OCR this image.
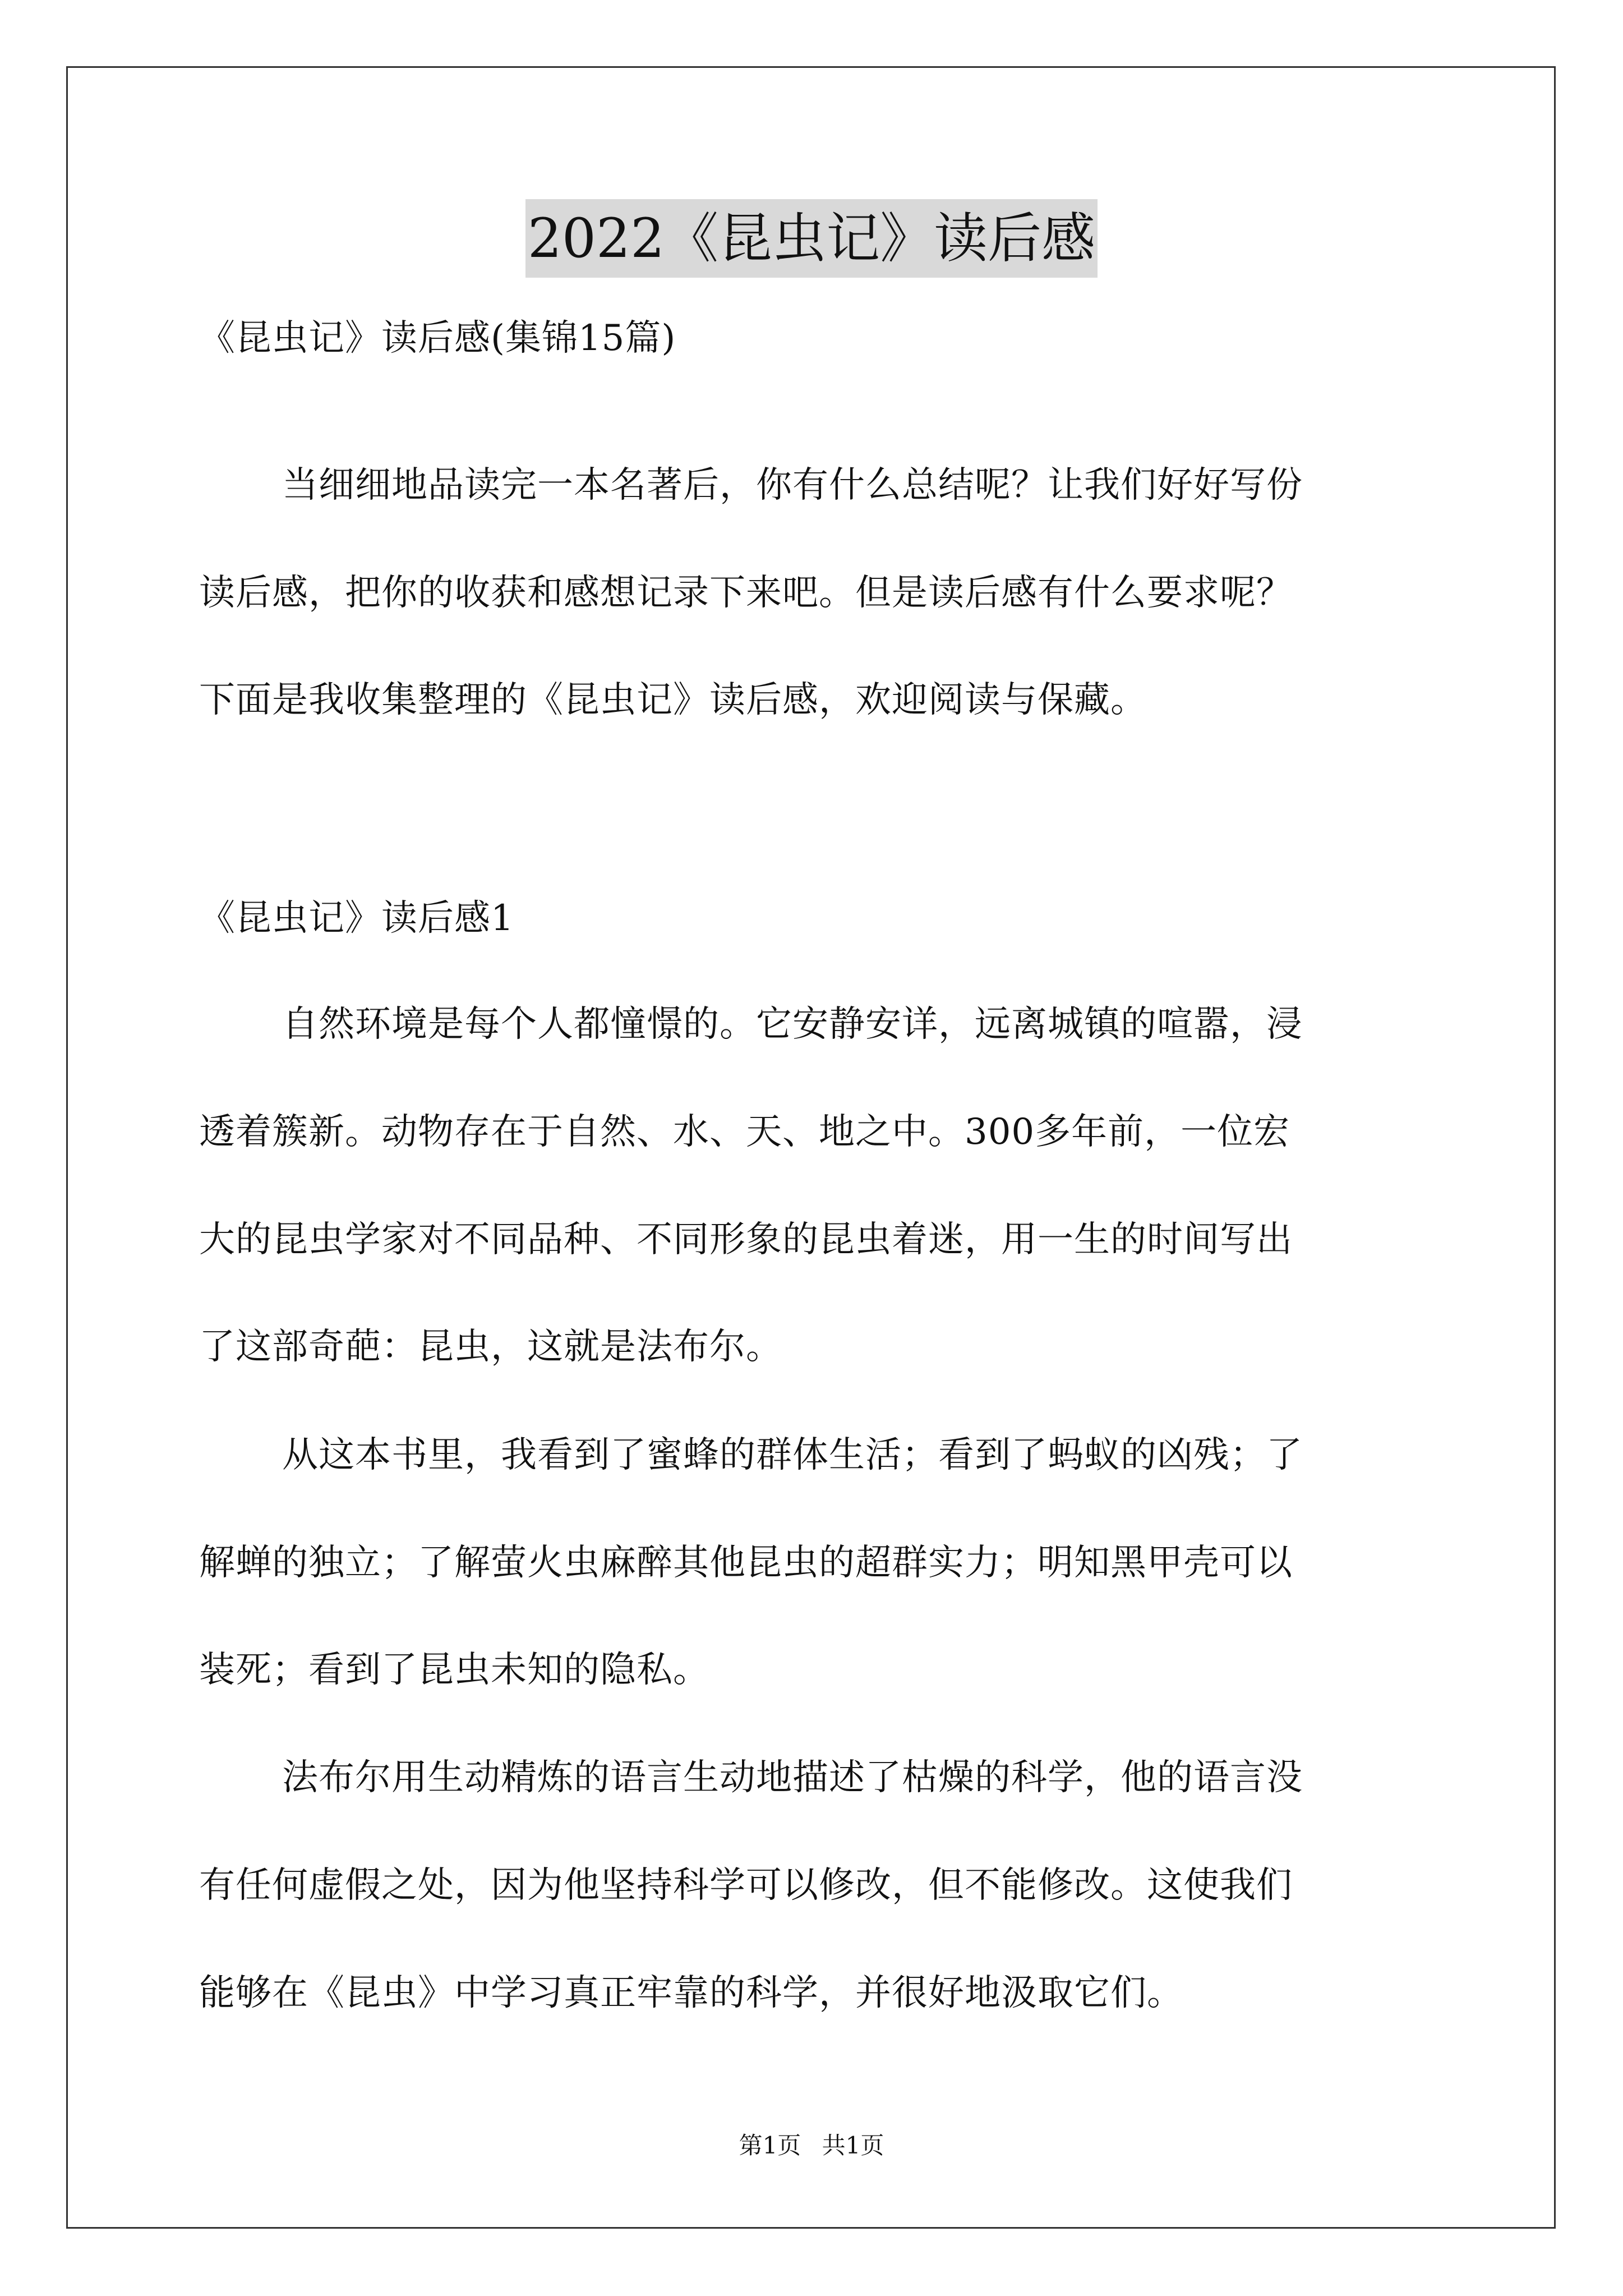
2022《昆虫记》读后感
《昆虫记》读后感(集锦15篇)
当细细地品读完一本名著后，你有什么总结呢？让我们好好写份
读后感，把你的收获和感想记录下来吧。但是读后感有什么要求呢？
下面是我收集整理的《昆虫记》读后感，欢迎阅读与保藏。
《昆虫记》读后感1
自然环境是每个人都憧憬的。它安静安详，远离城镇的喧嚣，浸
透着簇新。动物存在于自然、水、天、地之中。300多年前，一位宏
大的昆虫学家对不同品种、不同形象的昆虫着迷，用一生的时间写出
了这部奇葩：昆虫，这就是法布尔。
从这本书里，我看到了蜜蜂的群体生活；看到了蚂蚁的凶残；了
解蝉的独立；了解萤火虫麻醉其他昆虫的超群实力；明知黑甲壳可以
装死；看到了昆虫未知的隐私。
法布尔用生动精炼的语言生动地描述了枯燥的科学，他的语言没
有任何虚假之处，因为他坚持科学可以修改，但不能修改。这使我们
能够在《昆虫》中学习真正牢靠的科学，并很好地汲取它们。
第1页 共1页
